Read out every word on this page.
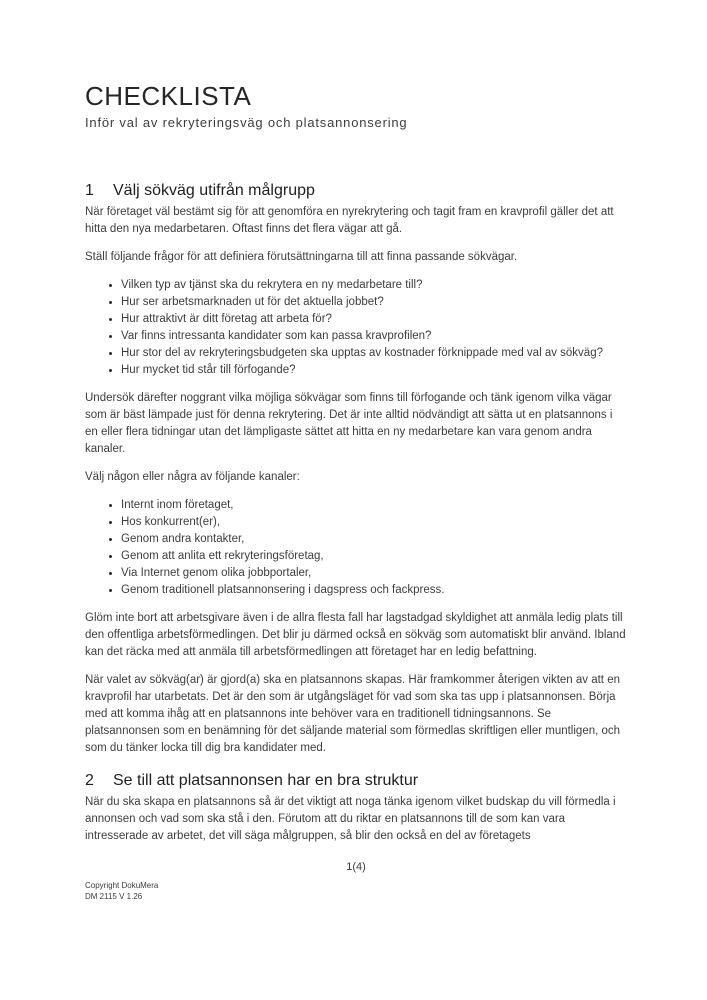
CHECKLISTA

Inför val av rekryteringsväg och platsannonsering

1	Välj sökväg utifrån målgrupp

När företaget väl bestämt sig för att genomföra en nyrekrytering och tagit fram en kravprofil gäller det att hitta den nya medarbetaren. Oftast finns det flera vägar att gå.

Ställ följande frågor för att definiera förutsättningarna till att finna passande sökvägar.

• Vilken typ av tjänst ska du rekrytera en ny medarbetare till?
• Hur ser arbetsmarknaden ut för det aktuella jobbet?
• Hur attraktivt är ditt företag att arbeta för?
• Var finns intressanta kandidater som kan passa kravprofilen?
• Hur stor del av rekryteringsbudgeten ska upptas av kostnader förknippade med val av sökväg?
• Hur mycket tid står till förfogande?

Undersök därefter noggrant vilka möjliga sökvägar som finns till förfogande och tänk igenom vilka vägar som är bäst lämpade just för denna rekrytering. Det är inte alltid nödvändigt att sätta ut en platsannons i en eller flera tidningar utan det lämpligaste sättet att hitta en ny medarbetare kan vara genom andra kanaler.

Välj någon eller några av följande kanaler:

• Internt inom företaget,
• Hos konkurrent(er),
• Genom andra kontakter,
• Genom att anlita ett rekryteringsföretag,
• Via Internet genom olika jobbportaler,
• Genom traditionell platsannonsering i dagspress och fackpress.

Glöm inte bort att arbetsgivare även i de allra flesta fall har lagstadgad skyldighet att anmäla ledig plats till den offentliga arbetsförmedlingen. Det blir ju därmed också en sökväg som automatiskt blir använd. Ibland kan det räcka med att anmäla till arbetsförmedlingen att företaget har en ledig befattning.

När valet av sökväg(ar) är gjord(a) ska en platsannons skapas. Här framkommer återigen vikten av att en kravprofil har utarbetats. Det är den som är utgångsläget för vad som ska tas upp i platsannonsen. Börja med att komma ihåg att en platsannons inte behöver vara en traditionell tidningsannons. Se platsannonsen som en benämning för det säljande material som förmedlas skriftligen eller muntligen, och som du tänker locka till dig bra kandidater med.

2	Se till att platsannonsen har en bra struktur

När du ska skapa en platsannons så är det viktigt att noga tänka igenom vilket budskap du vill förmedla i annonsen och vad som ska stå i den. Förutom att du riktar en platsannons till de som kan vara intresserade av arbetet, det vill säga målgruppen, så blir den också en del av företagets

1(4)
Copyright DokuMera
DM 2115 V 1.26
